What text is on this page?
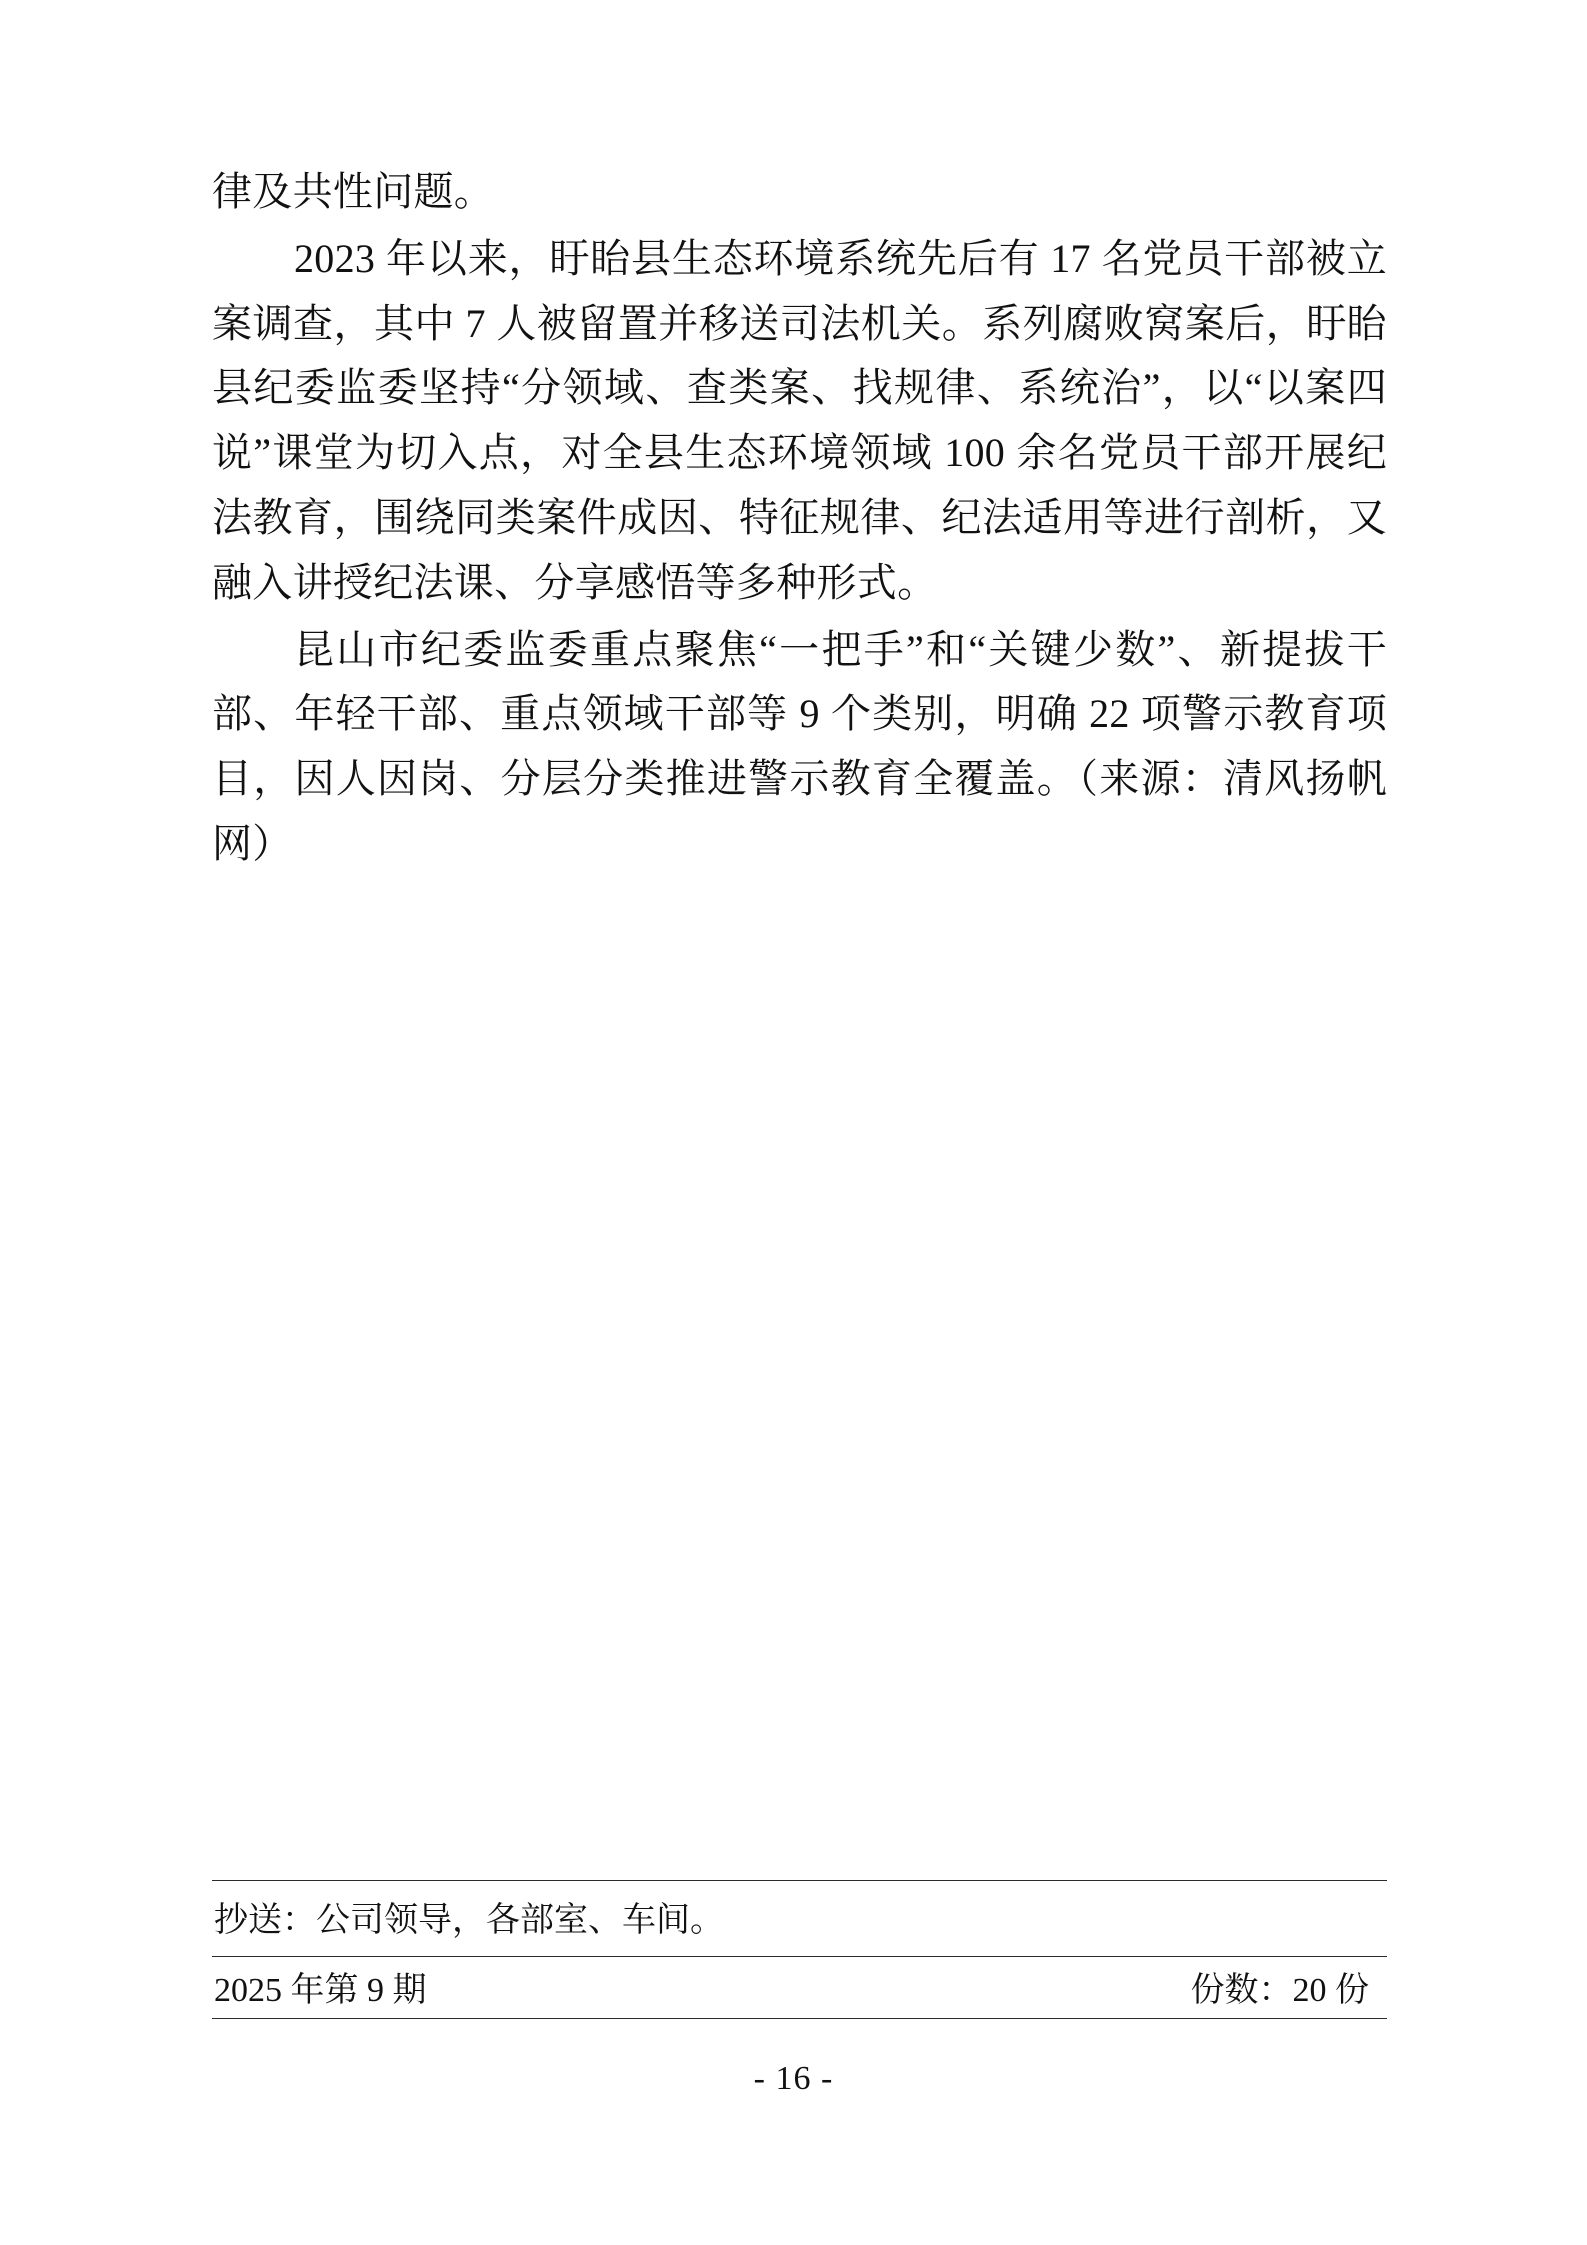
律及共性问题。

2023 年以来，盱眙县生态环境系统先后有 17 名党员干部被立案调查，其中 7 人被留置并移送司法机关。系列腐败窝案后，盱眙县纪委监委坚持“分领域、查类案、找规律、系统治”，以“以案四说”课堂为切入点，对全县生态环境领域 100 余名党员干部开展纪法教育，围绕同类案件成因、特征规律、纪法适用等进行剖析，又融入讲授纪法课、分享感悟等多种形式。

昆山市纪委监委重点聚焦“一把手”和“关键少数”、新提拔干部、年轻干部、重点领域干部等 9 个类别，明确 22 项警示教育项目，因人因岗、分层分类推进警示教育全覆盖。（来源：清风扬帆网）

抄送：公司领导，各部室、车间。
2025 年第 9 期	份数：20 份
- 16 -
